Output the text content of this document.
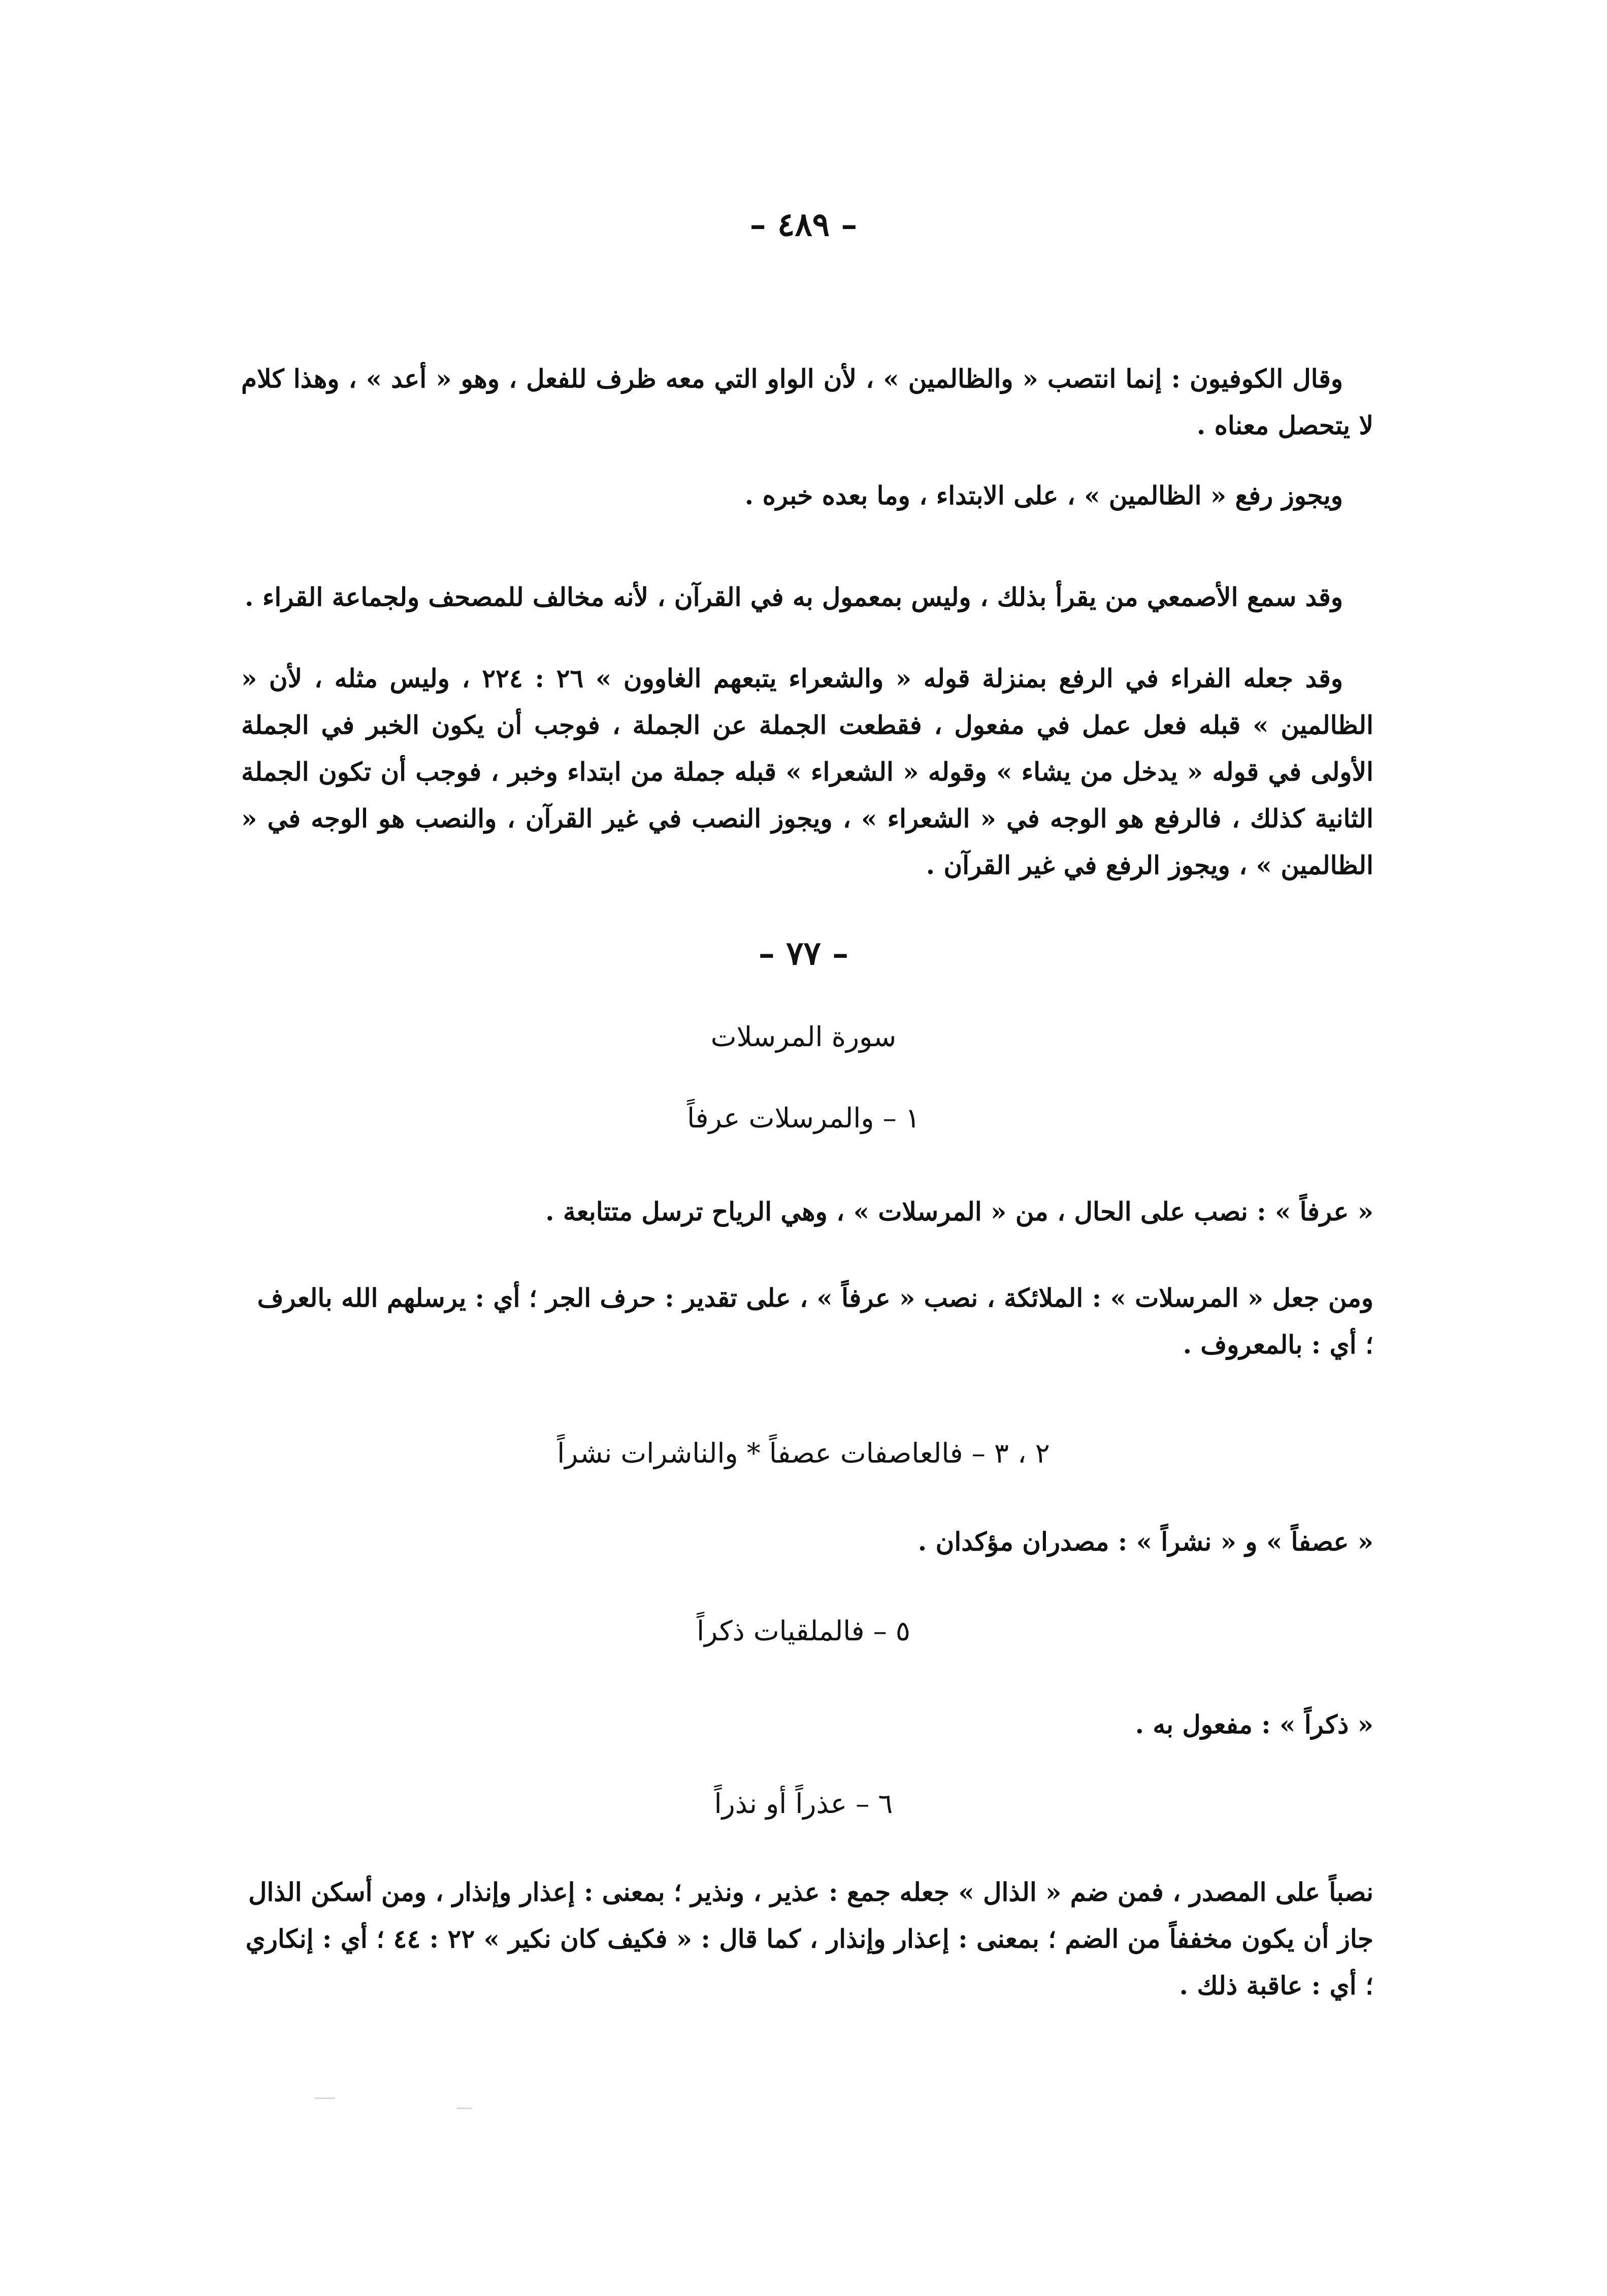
– ٤٨٩ –

وقال الكوفيون : إنما انتصب « والظالمين » ، لأن الواو التي معه ظرف للفعل ، وهو « أعد » ، وهذا كلام لا يتحصل معناه .

ويجوز رفع « الظالمين » ، على الابتداء ، وما بعده خبره .

وقد سمع الأصمعي من يقرأ بذلك ، وليس بمعمول به في القرآن ، لأنه مخالف للمصحف ولجماعة القراء .

وقد جعله الفراء في الرفع بمنزلة قوله « والشعراء يتبعهم الغاوون » ٢٦ : ٢٢٤ ، وليس مثله ، لأن « الظالمين » قبله فعل عمل في مفعول ، فقطعت الجملة عن الجملة ، فوجب أن يكون الخبر في الجملة الأولى في قوله « يدخل من يشاء » وقوله « الشعراء » قبله جملة من ابتداء وخبر ، فوجب أن تكون الجملة الثانية كذلك ، فالرفع هو الوجه في « الشعراء » ، ويجوز النصب في غير القرآن ، والنصب هو الوجه في « الظالمين » ، ويجوز الرفع في غير القرآن .

– ٧٧ –
سورة المرسلات
١ – والمرسلات عرفاً
« عرفاً » : نصب على الحال ، من « المرسلات » ، وهي الرياح ترسل متتابعة .
ومن جعل « المرسلات » : الملائكة ، نصب « عرفاً » ، على تقدير : حرف الجر ؛ أي : يرسلهم الله بالعرف ؛ أي : بالمعروف .
٢ ، ٣ – فالعاصفات عصفاً * والناشرات نشراً
« عصفاً » و « نشراً » : مصدران مؤكدان .
٥ – فالملقيات ذكراً
« ذكراً » : مفعول به .
٦ – عذراً أو نذراً
نصباً على المصدر ، فمن ضم « الذال » جعله جمع : عذير ، ونذير ؛ بمعنى : إعذار وإنذار ، ومن أسكن الذال جاز أن يكون مخففاً من الضم ؛ بمعنى : إعذار وإنذار ، كما قال : « فكيف كان نكير » ٢٢ : ٤٤ ؛ أي : إنكاري ؛ أي : عاقبة ذلك .
